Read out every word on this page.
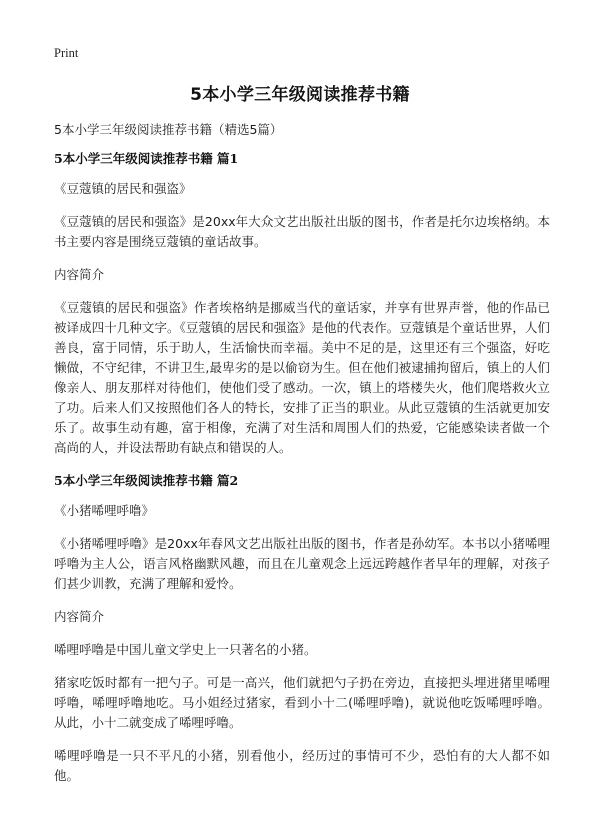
Print
5本小学三年级阅读推荐书籍

5本小学三年级阅读推荐书籍（精选5篇）

5本小学三年级阅读推荐书籍 篇1

《豆蔻镇的居民和强盗》

《豆蔻镇的居民和强盗》是20xx年大众文艺出版社出版的图书，作者是托尔边埃格纳。本书主要内容是围绕豆蔻镇的童话故事。

内容简介

《豆蔻镇的居民和强盗》作者埃格纳是挪威当代的童话家，并享有世界声誉，他的作品已被译成四十几种文字。《豆蔻镇的居民和强盗》是他的代表作。豆蔻镇是个童话世界，人们善良，富于同情，乐于助人，生活愉快而幸福。美中不足的是，这里还有三个强盗，好吃懒做，不守纪律，不讲卫生,最卑劣的是以偷窃为生。但在他们被逮捕拘留后，镇上的人们像亲人、朋友那样对待他们，使他们受了感动。一次，镇上的塔楼失火，他们爬塔救火立了功。后来人们又按照他们各人的特长，安排了正当的职业。从此豆蔻镇的生活就更加安乐了。故事生动有趣，富于相像，充满了对生活和周围人们的热爱，它能感染读者做一个高尚的人，并设法帮助有缺点和错误的人。

5本小学三年级阅读推荐书籍 篇2

《小猪唏哩呼噜》

《小猪唏哩呼噜》是20xx年春风文艺出版社出版的图书，作者是孙幼军。本书以小猪唏哩呼噜为主人公，语言风格幽默风趣，而且在儿童观念上远远跨越作者早年的理解，对孩子们甚少训教，充满了理解和爱怜。

内容简介

唏哩呼噜是中国儿童文学史上一只著名的小猪。

猪家吃饭时都有一把勺子。可是一高兴，他们就把勺子扔在旁边，直接把头埋进猪里唏哩呼噜，唏哩呼噜地吃。马小姐经过猪家，看到小十二(唏哩呼噜)，就说他吃饭唏哩呼噜。从此，小十二就变成了唏哩呼噜。

唏哩呼噜是一只不平凡的小猪，别看他小，经历过的事情可不少，恐怕有的大人都不如他。
